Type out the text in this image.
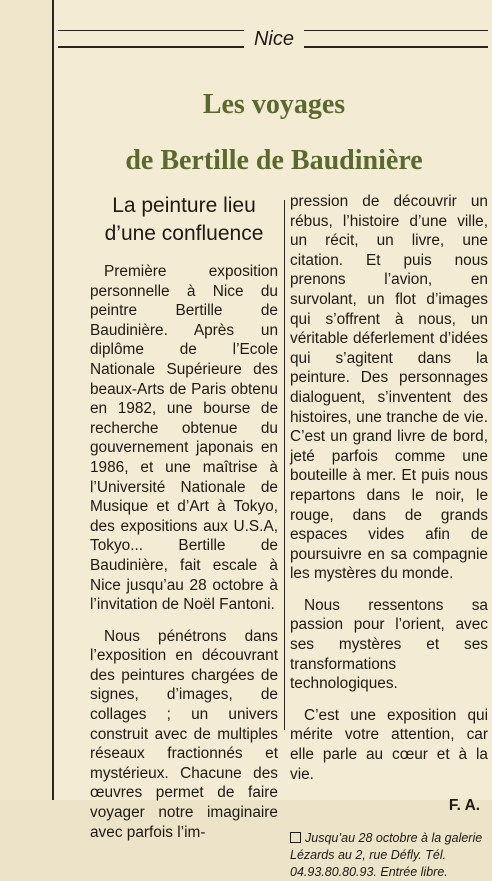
Nice
Les voyages
de Bertille de Baudinière
La peinture lieu d’une confluence

Première exposition personnelle à Nice du peintre Bertille de Baudinière. Après un diplôme de l’Ecole Nationale Supérieure des beaux-Arts de Paris obtenu en 1982, une bourse de recherche obtenue du gouvernement japonais en 1986, et une maîtrise à l’Université Nationale de Musique et d’Art à Tokyo, des expositions aux U.S.A, Tokyo... Bertille de Baudinière, fait escale à Nice jusqu’au 28 octobre à l’invitation de Noël Fantoni.

Nous pénétrons dans l’exposition en découvrant des peintures chargées de signes, d’images, de collages ; un univers construit avec de multiples réseaux fractionnés et mystérieux. Chacune des œuvres permet de faire voyager notre imaginaire avec parfois l’im-

pression de découvrir un rébus, l’histoire d’une ville, un récit, un livre, une citation. Et puis nous prenons l’avion, en survolant, un flot d’images qui s’offrent à nous, un véritable déferlement d’idées qui s’agitent dans la peinture. Des personnages dialoguent, s’inventent des histoires, une tranche de vie. C’est un grand livre de bord, jeté parfois comme une bouteille à mer. Et puis nous repartons dans le noir, le rouge, dans de grands espaces vides afin de poursuivre en sa compagnie les mystères du monde.

Nous ressentons sa passion pour l’orient, avec ses mystères et ses transformations technologiques.

C’est une exposition qui mérite votre attention, car elle parle au cœur et à la vie.

F. A.
Jusqu’au 28 octobre à la galerie Lézards au 2, rue Défly. Tél. 04.93.80.80.93. Entrée libre.
